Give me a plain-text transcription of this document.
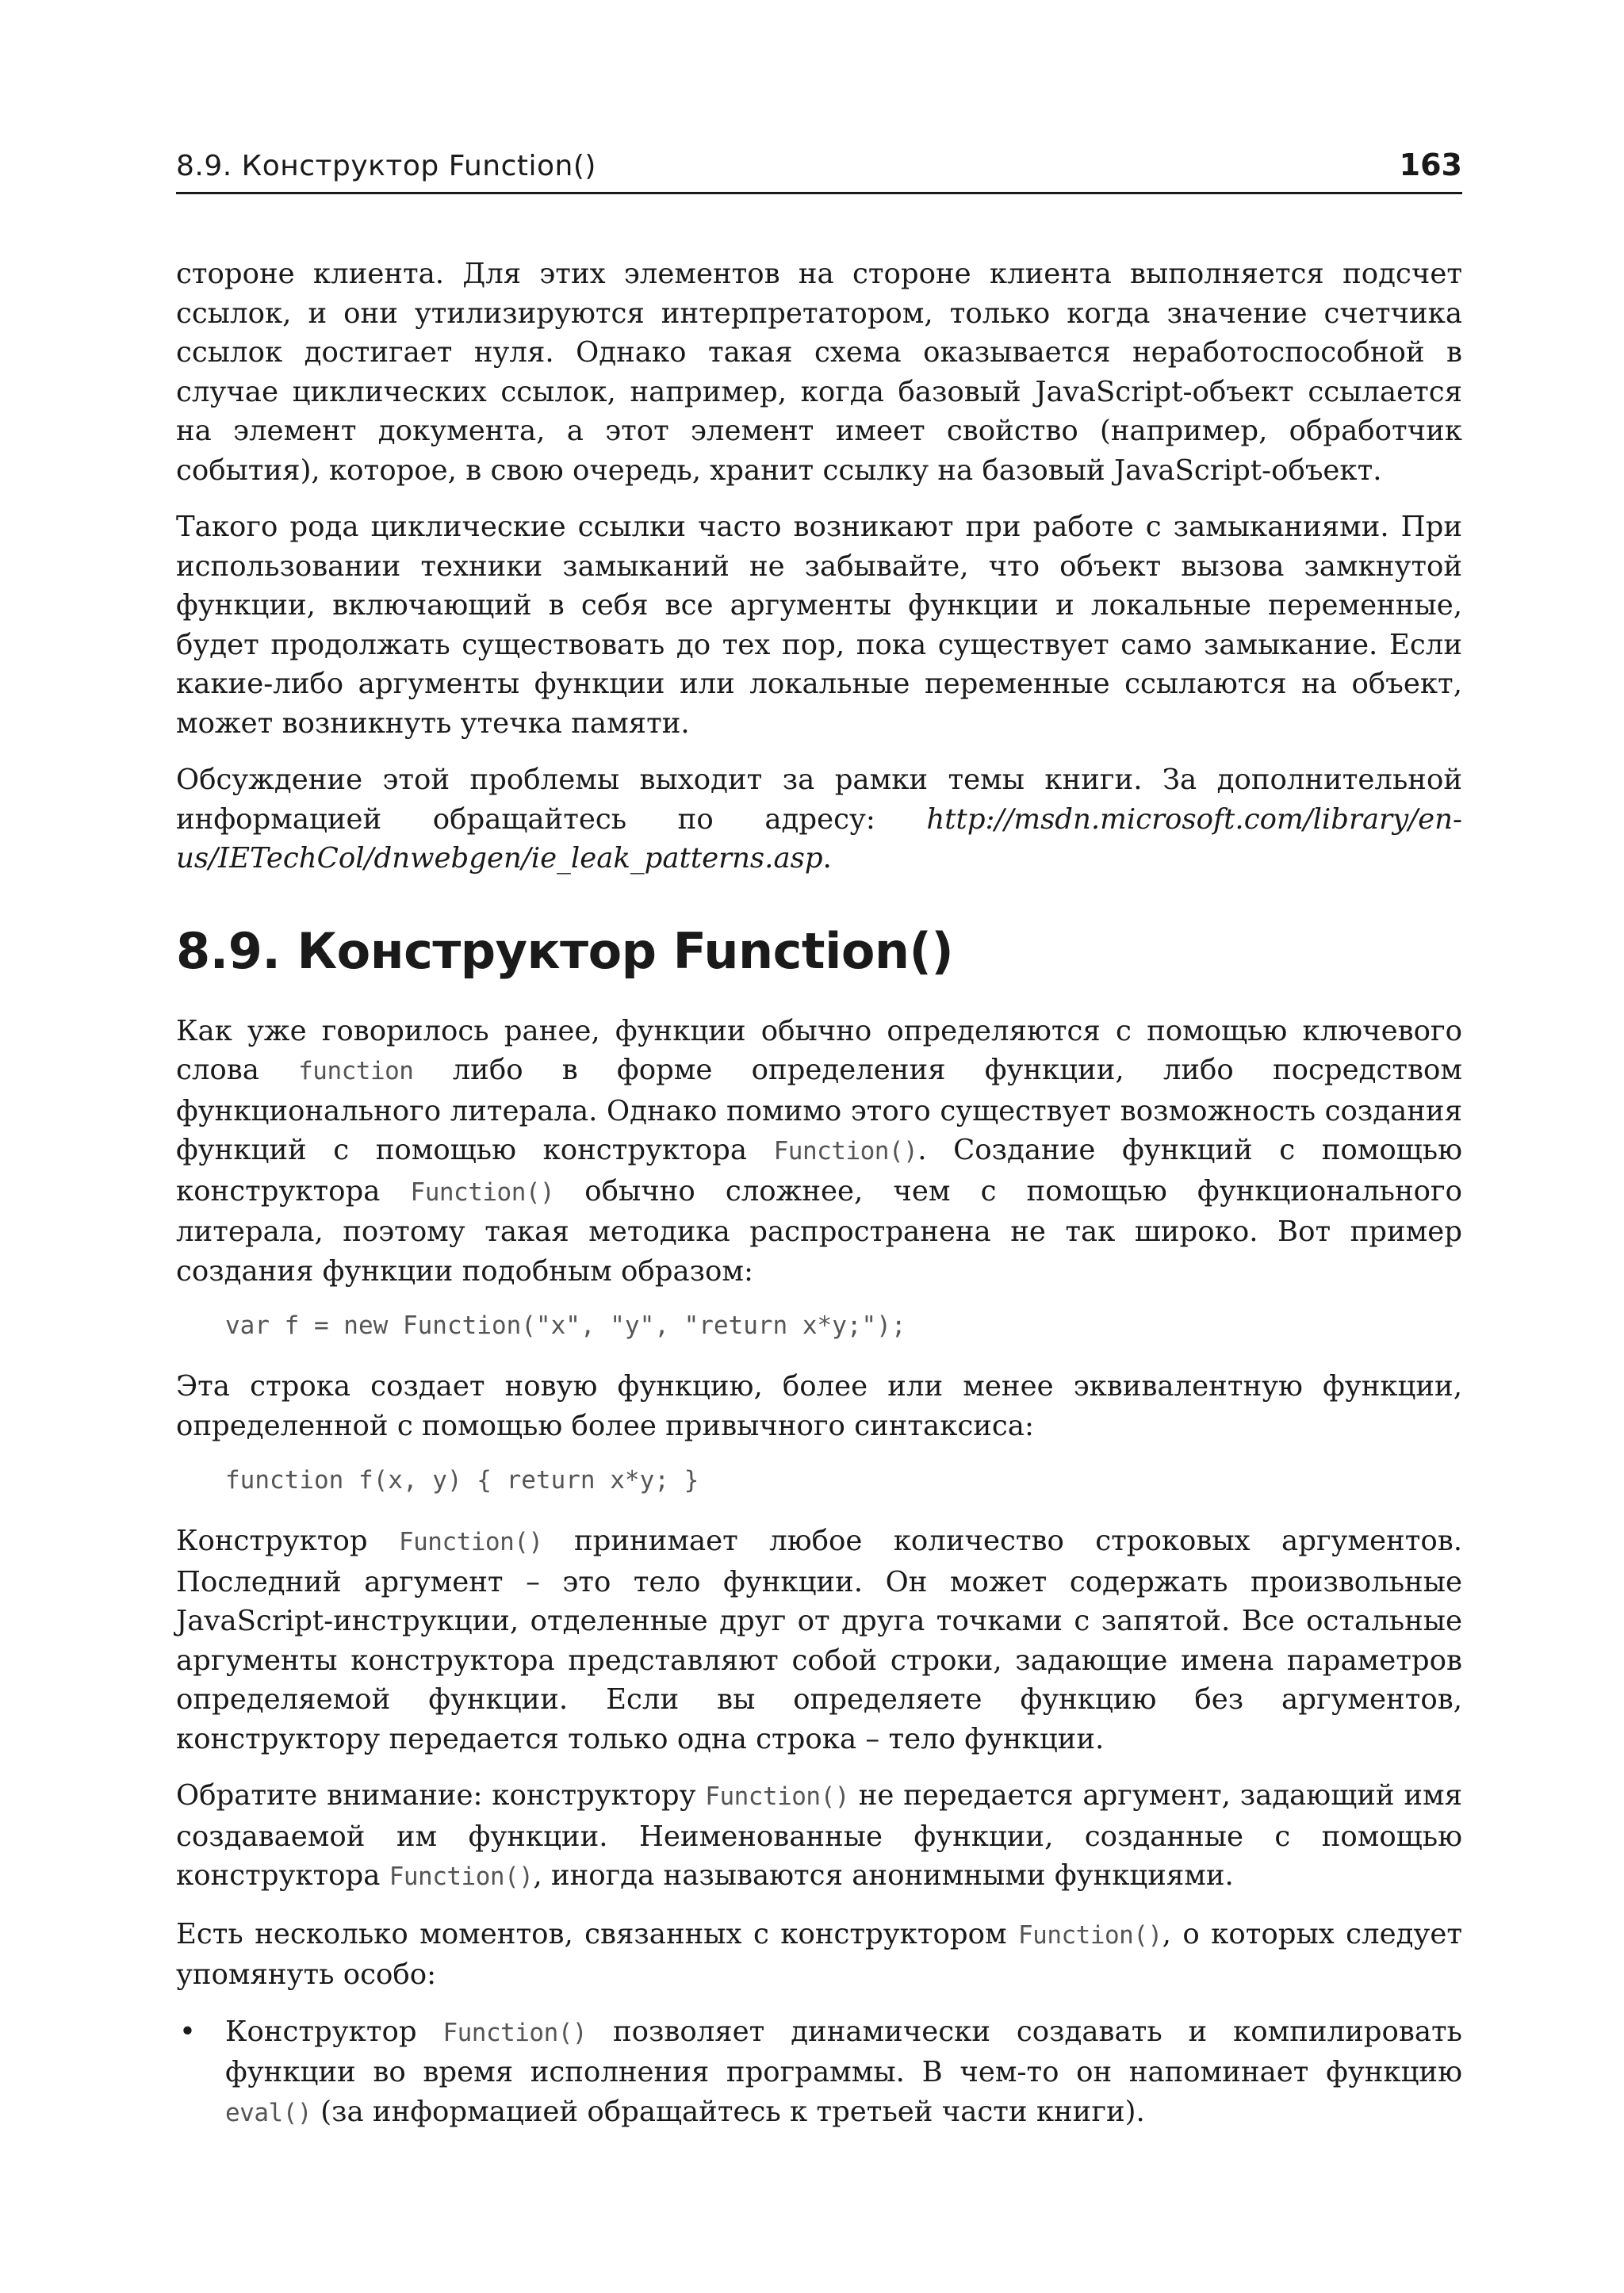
8.9. Конструктор Function()	163

стороне клиента. Для этих элементов на стороне клиента выполняется подсчет ссылок, и они утилизируются интерпретатором, только когда значение счетчика ссылок достигает нуля. Однако такая схема оказывается неработоспособной в случае циклических ссылок, например, когда базовый JavaScript-объект ссылается на элемент документа, а этот элемент имеет свойство (например, обработчик события), которое, в свою очередь, хранит ссылку на базовый JavaScript-объект.

Такого рода циклические ссылки часто возникают при работе с замыканиями. При использовании техники замыканий не забывайте, что объект вызова замкнутой функции, включающий в себя все аргументы функции и локальные переменные, будет продолжать существовать до тех пор, пока существует само замыкание. Если какие-либо аргументы функции или локальные переменные ссылаются на объект, может возникнуть утечка памяти.

Обсуждение этой проблемы выходит за рамки темы книги. За дополнительной информацией обращайтесь по адресу: http://msdn.microsoft.com/library/en-us/IETechCol/dnwebgen/ie_leak_patterns.asp.

8.9. Конструктор Function()

Как уже говорилось ранее, функции обычно определяются с помощью ключевого слова function либо в форме определения функции, либо посредством функционального литерала. Однако помимо этого существует возможность создания функций с помощью конструктора Function(). Создание функций с помощью конструктора Function() обычно сложнее, чем с помощью функционального литерала, поэтому такая методика распространена не так широко. Вот пример создания функции подобным образом:

var f = new Function("x", "y", "return x*y;");

Эта строка создает новую функцию, более или менее эквивалентную функции, определенной с помощью более привычного синтаксиса:

function f(x, y) { return x*y; }

Конструктор Function() принимает любое количество строковых аргументов. Последний аргумент – это тело функции. Он может содержать произвольные JavaScript-инструкции, отделенные друг от друга точками с запятой. Все остальные аргументы конструктора представляют собой строки, задающие имена параметров определяемой функции. Если вы определяете функцию без аргументов, конструктору передается только одна строка – тело функции.

Обратите внимание: конструктору Function() не передается аргумент, задающий имя создаваемой им функции. Неименованные функции, созданные с помощью конструктора Function(), иногда называются анонимными функциями.

Есть несколько моментов, связанных с конструктором Function(), о которых следует упомянуть особо:

• Конструктор Function() позволяет динамически создавать и компилировать функции во время исполнения программы. В чем-то он напоминает функцию eval() (за информацией обращайтесь к третьей части книги).
